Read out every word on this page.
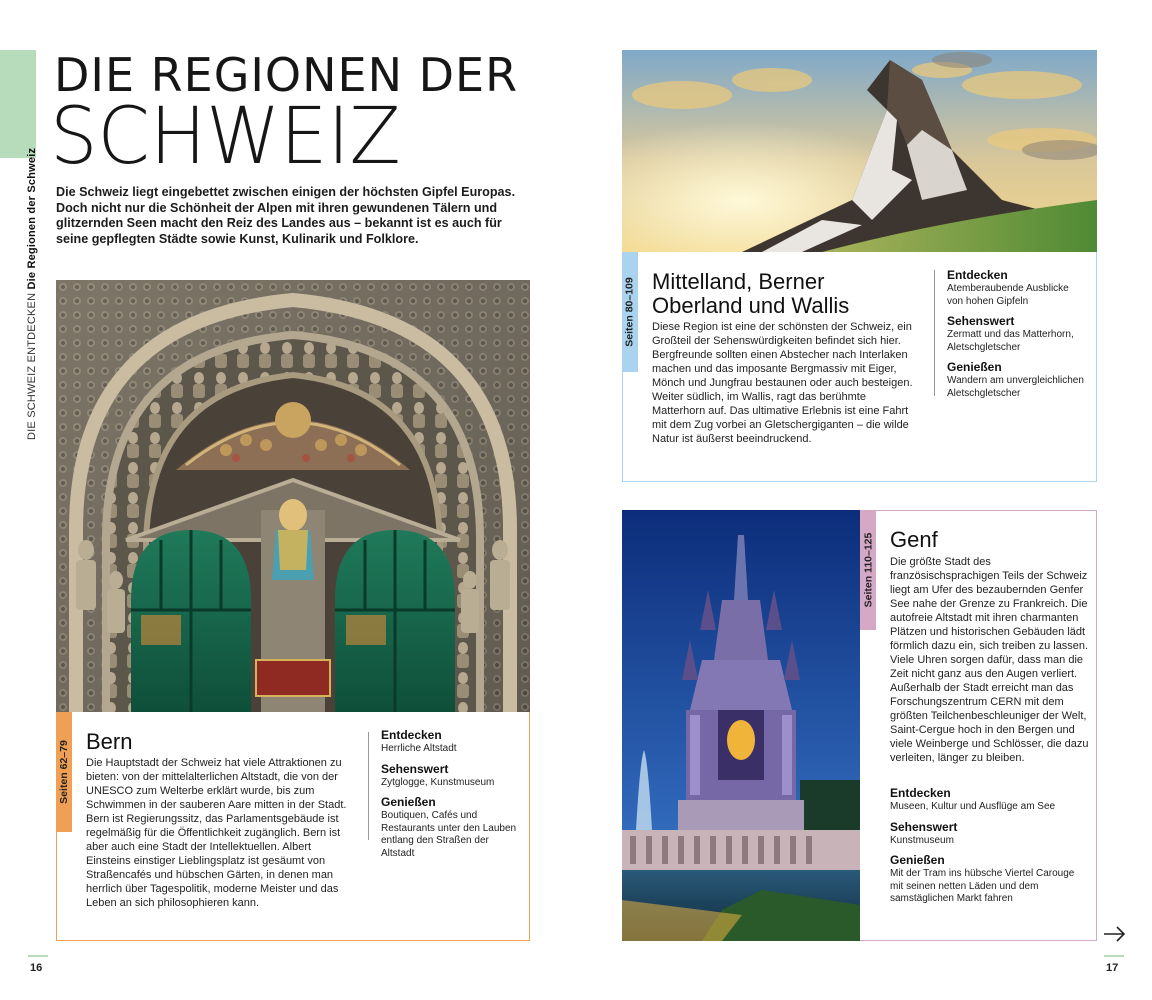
DIE SCHWEIZ ENTDECKEN Die Regionen der Schweiz
DIE REGIONEN DER
SCHWEIZ

Die Schweiz liegt eingebettet zwischen einigen der höchsten Gipfel Europas. Doch nicht nur die Schönheit der Alpen mit ihren gewundenen Tälern und glitzernden Seen macht den Reiz des Landes aus – bekannt ist es auch für seine gepflegten Städte sowie Kunst, Kulinarik und Folklore.

Seiten 62–79 Bern

Die Hauptstadt der Schweiz hat viele Attraktionen zu bieten: von der mittelalterlichen Altstadt, die von der UNESCO zum Welterbe erklärt wurde, bis zum Schwimmen in der sauberen Aare mitten in der Stadt. Bern ist Regierungssitz, das Parlamentsgebäude ist regelmäßig für die Öffentlichkeit zugänglich. Bern ist aber auch eine Stadt der Intellektuellen. Albert Einsteins einstiger Lieblingsplatz ist gesäumt von Straßencafés und hübschen Gärten, in denen man herrlich über Tagespolitik, moderne Meister und das Leben an sich philosophieren kann.

Entdecken
Herrliche Altstadt
Sehenswert
Zytglogge, Kunstmuseum
Genießen
Boutiquen, Cafés und Restaurants unter den Lauben entlang den Straßen der Altstadt
16
Seiten 80–109 Mittelland, Berner Oberland und Wallis

Diese Region ist eine der schönsten der Schweiz, ein Großteil der Sehenswürdigkeiten befindet sich hier. Bergfreunde sollten einen Abstecher nach Interlaken machen und das imposante Bergmassiv mit Eiger, Mönch und Jungfrau bestaunen oder auch besteigen. Weiter südlich, im Wallis, ragt das berühmte Matterhorn auf. Das ultimative Erlebnis ist eine Fahrt mit dem Zug vorbei an Gletschergiganten – die wilde Natur ist äußerst beeindruckend.

Entdecken
Atemberaubende Ausblicke von hohen Gipfeln
Sehenswert
Zermatt und das Matterhorn, Aletschgletscher
Genießen
Wandern am unvergleichlichen Aletschgletscher
Seiten 110–125 Genf

Die größte Stadt des französischsprachigen Teils der Schweiz liegt am Ufer des bezaubernden Genfer See nahe der Grenze zu Frankreich. Die autofreie Altstadt mit ihren charmanten Plätzen und historischen Gebäuden lädt förmlich dazu ein, sich treiben zu lassen. Viele Uhren sorgen dafür, dass man die Zeit nicht ganz aus den Augen verliert. Außerhalb der Stadt erreicht man das Forschungszentrum CERN mit dem größten Teilchenbeschleuniger der Welt, Saint-Cergue hoch in den Bergen und viele Weinberge und Schlösser, die dazu verleiten, länger zu bleiben.

Entdecken
Museen, Kultur und Ausflüge am See
Sehenswert
Kunstmuseum
Genießen
Mit der Tram ins hübsche Viertel Carouge mit seinen netten Läden und dem samstäglichen Markt fahren
17
